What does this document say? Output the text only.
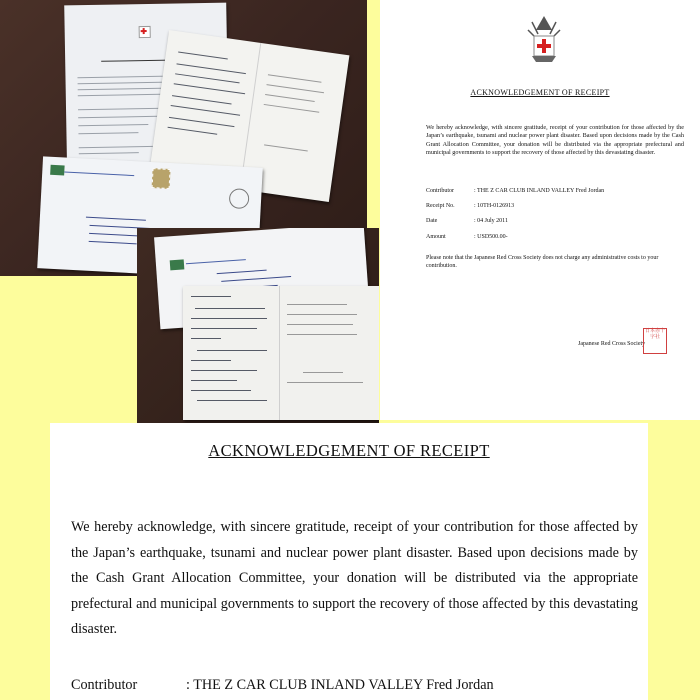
ACKNOWLEDGEMENT OF RECEIPT
We hereby acknowledge, with sincere gratitude, receipt of your contribution for those affected by the Japan’s earthquake, tsunami and nuclear power plant disaster. Based upon decisions made by the Cash Grant Allocation Committee, your donation will be distributed via the appropriate prefectural and municipal governments to support the recovery of those affected by this devastating disaster.
Contributor	: THE Z CAR CLUB INLAND VALLEY Fred Jordan
Receipt No.	: 10TH-0126913
Date	: 04 July 2011
Amount	: USD500.00-
Please note that the Japanese Red Cross Society does not charge any administrative costs to your contribution.
Japanese Red Cross Society
日本赤十字社
ACKNOWLEDGEMENT OF RECEIPT
We hereby acknowledge, with sincere gratitude, receipt of your contribution for those affected by the Japan’s earthquake, tsunami and nuclear power plant disaster. Based upon decisions made by the Cash Grant Allocation Committee, your donation will be distributed via the appropriate prefectural and municipal governments to support the recovery of those affected by this devastating disaster.
Contributor	: THE Z CAR CLUB INLAND VALLEY Fred Jordan
